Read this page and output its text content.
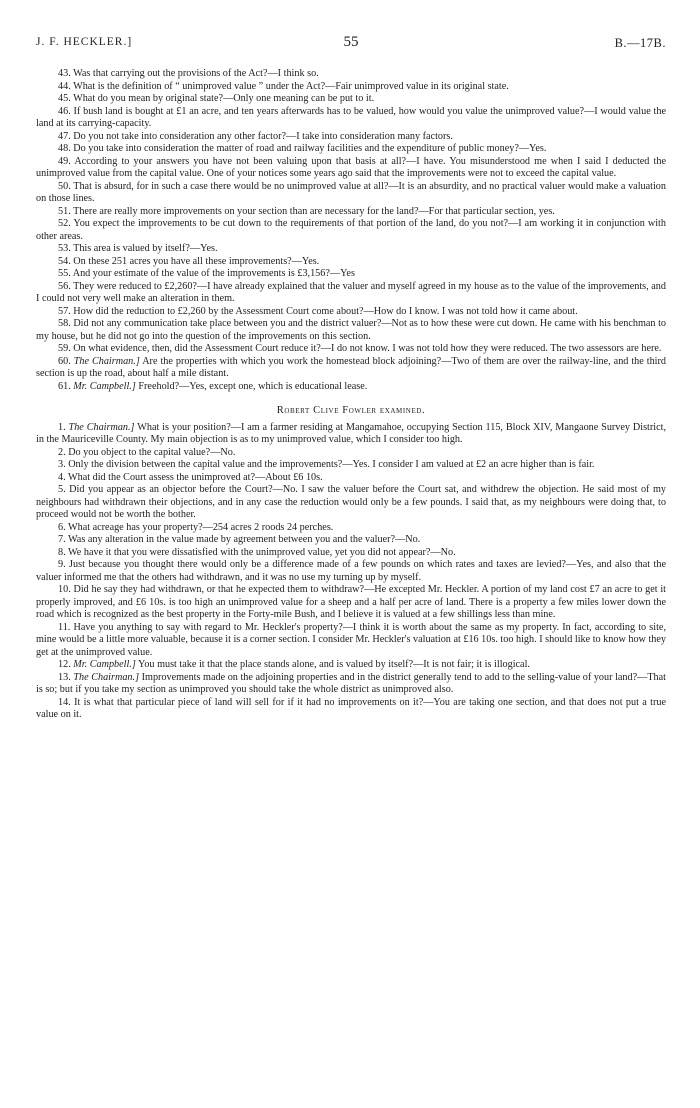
J. F. HECKLER.]	55	B.—17B.

43. Was that carrying out the provisions of the Act?—I think so.

44. What is the definition of “ unimproved value ” under the Act?—Fair unimproved value in its original state.

45. What do you mean by original state?—Only one meaning can be put to it.

46. If bush land is bought at £1 an acre, and ten years afterwards has to be valued, how would you value the unimproved value?—I would value the land at its carrying-capacity.

47. Do you not take into consideration any other factor?—I take into consideration many factors.

48. Do you take into consideration the matter of road and railway facilities and the expenditure of public money?—Yes.

49. According to your answers you have not been valuing upon that basis at all?—I have. You misunderstood me when I said I deducted the unimproved value from the capital value. One of your notices some years ago said that the improvements were not to exceed the capital value.

50. That is absurd, for in such a case there would be no unimproved value at all?—It is an absurdity, and no practical valuer would make a valuation on those lines.

51. There are really more improvements on your section than are necessary for the land?—For that particular section, yes.

52. You expect the improvements to be cut down to the requirements of that portion of the land, do you not?—I am working it in conjunction with other areas.

53. This area is valued by itself?—Yes.

54. On these 251 acres you have all these improvements?—Yes.

55. And your estimate of the value of the improvements is £3,156?—Yes

56. They were reduced to £2,260?—I have already explained that the valuer and myself agreed in my house as to the value of the improvements, and I could not very well make an alteration in them.

57. How did the reduction to £2,260 by the Assessment Court come about?—How do I know. I was not told how it came about.

58. Did not any communication take place between you and the district valuer?—Not as to how these were cut down. He came with his benchman to my house, but he did not go into the question of the improvements on this section.

59. On what evidence, then, did the Assessment Court reduce it?—I do not know. I was not told how they were reduced. The two assessors are here.

60. The Chairman.] Are the properties with which you work the homestead block adjoining?—Two of them are over the railway-line, and the third section is up the road, about half a mile distant.

61. Mr. Campbell.] Freehold?—Yes, except one, which is educational lease.

Robert Clive Fowler examined.

1. The Chairman.] What is your position?—I am a farmer residing at Mangamahoe, occupying Section 115, Block XIV, Mangaone Survey District, in the Mauriceville County. My main objection is as to my unimproved value, which I consider too high.

2. Do you object to the capital value?—No.

3. Only the division between the capital value and the improvements?—Yes. I consider I am valued at £2 an acre higher than is fair.

4. What did the Court assess the unimproved at?—About £6 10s.

5. Did you appear as an objector before the Court?—No. I saw the valuer before the Court sat, and withdrew the objection. He said most of my neighbours had withdrawn their objections, and in any case the reduction would only be a few pounds. I said that, as my neighbours were doing that, to proceed would not be worth the bother.

6. What acreage has your property?—254 acres 2 roods 24 perches.

7. Was any alteration in the value made by agreement between you and the valuer?—No.

8. We have it that you were dissatisfied with the unimproved value, yet you did not appear?—No.

9. Just because you thought there would only be a difference made of a few pounds on which rates and taxes are levied?—Yes, and also that the valuer informed me that the others had withdrawn, and it was no use my turning up by myself.

10. Did he say they had withdrawn, or that he expected them to withdraw?—He excepted Mr. Heckler. A portion of my land cost £7 an acre to get it properly improved, and £6 10s. is too high an unimproved value for a sheep and a half per acre of land. There is a property a few miles lower down the road which is recognized as the best property in the Forty-mile Bush, and I believe it is valued at a few shillings less than mine.

11. Have you anything to say with regard to Mr. Heckler's property?—I think it is worth about the same as my property. In fact, according to site, mine would be a little more valuable, because it is a corner section. I consider Mr. Heckler's valuation at £16 10s. too high. I should like to know how they get at the unimproved value.

12. Mr. Campbell.] You must take it that the place stands alone, and is valued by itself?—It is not fair; it is illogical.

13. The Chairman.] Improvements made on the adjoining properties and in the district generally tend to add to the selling-value of your land?—That is so; but if you take my section as unimproved you should take the whole district as unimproved also.

14. It is what that particular piece of land will sell for if it had no improvements on it?—You are taking one section, and that does not put a true value on it.
